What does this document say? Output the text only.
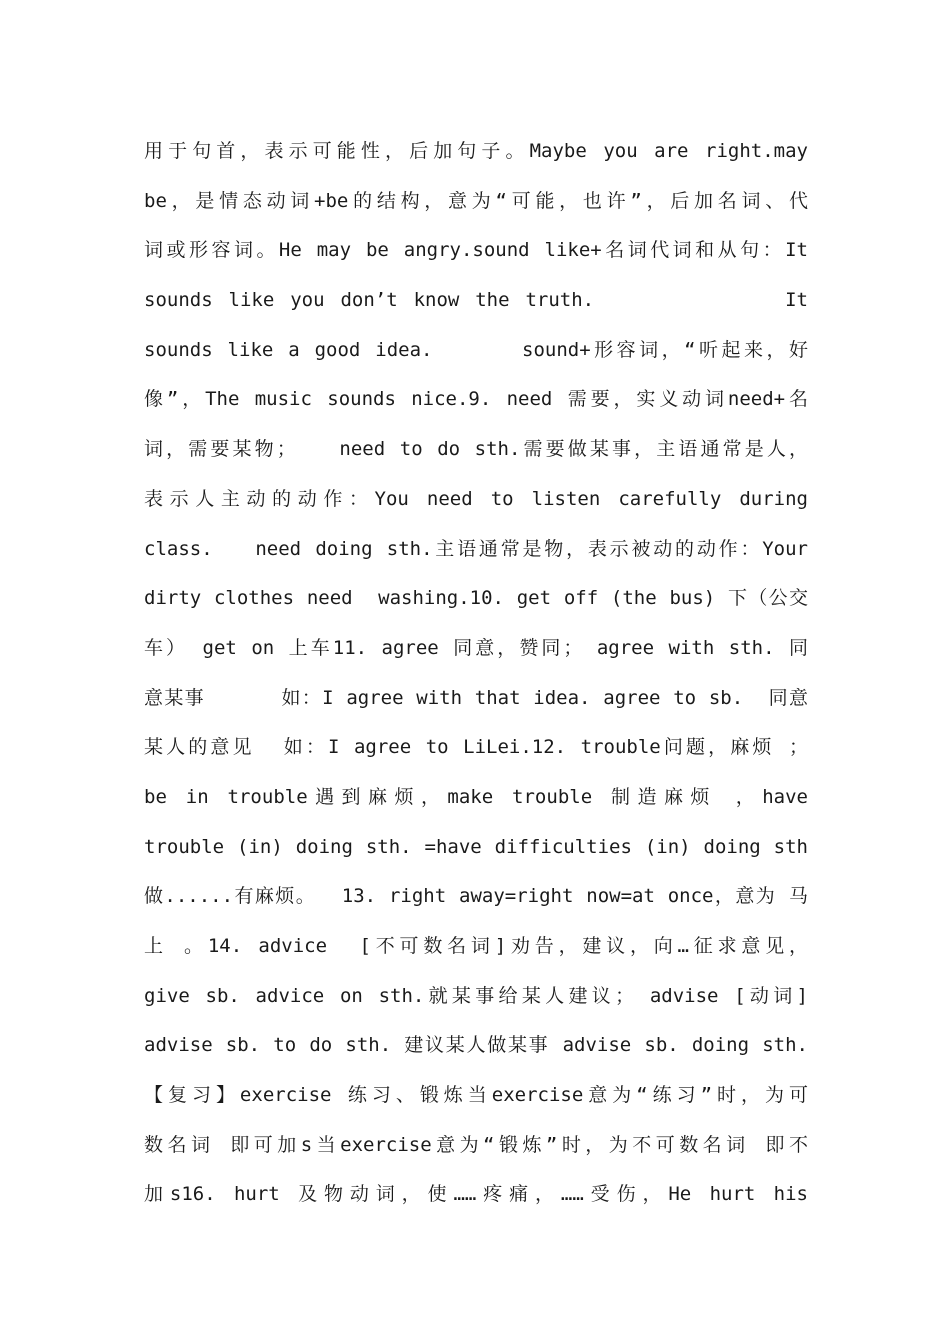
用于句首，表示可能性，后加句子。Maybe you are right.may
be，是情态动词+be的结构，意为“可能，也许”，后加名词、代
词或形容词。He may be angry.sound like+名词代词和从句：It
sounds like you don’t know the truth.            It
sounds like a good idea.      sound+形容词，“听起来，好
像”，The music sounds nice.9. need 需要，实义动词need+名
词，需要某物；   need to do sth.需要做某事，主语通常是人，
表示人主动的动作：You need to listen carefully during
class.   need doing sth.主语通常是物，表示被动的动作：Your
dirty clothes need  washing.10. get off (the bus) 下（公交
车） get on 上车11. agree 同意，赞同； agree with sth. 同
意某事      如：I agree with that idea. agree to sb.  同意
某人的意见  如：I agree to LiLei.12. trouble问题，麻烦 ；
be in trouble遇到麻烦，make trouble 制造麻烦 ，have
trouble (in) doing sth. =have difficulties (in) doing sth
做......有麻烦。  13. right away=right now=at once，意为 马
上 。14. advice  [不可数名词]劝告，建议，向…征求意见，
give sb. advice on sth.就某事给某人建议； advise [动词]
advise sb. to do sth. 建议某人做某事 advise sb. doing sth.
【复习】exercise 练习、锻炼当exercise意为“练习”时，为可
数名词 即可加s当exercise意为“锻炼”时，为不可数名词 即不
加s16. hurt 及物动词，使……疼痛，……受伤，He hurt his
